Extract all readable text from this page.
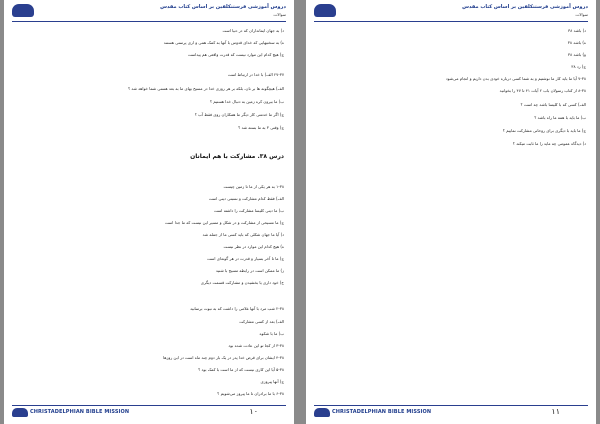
دروس آموزشی فرستنکلفین بر اساس کتاب مقدس
سوالات
د) به جهان ایمانداران که در دنیا است
ه) به سختیهایی که خدای قدوس با آنها به کمک همی و اری پرستی هستند
ج) هیچ کدام این موارد نیست که قدرت واقعی هم پیداست
۲۷-۳۷ الف) با خدا در ارتباط است
الف) هیچگونه ها بر نان، بلکه بر هر روزی خدا در مسیح بهای ما به بعد هستی شما خواهد شد ؟
ب) ما بیرون کره زمین به دنبال خدا هستیم ؟
ج) اگر ما خدمتی کار دیگر ما همکاران روی فقط آب ؟
ج) وقتی ۳ به ما بسته شد ؟
درس ۳۸. مشارکت با هم ایمانان
۱-۳۸ به هر یکی از ما تا زمین چیست
الف) فقط کدام مشارکت و نسبتی دینی است
ب) ما دینی کلیسا مشارکت را داشته است
ج) ما مسیحی از مشارکت و در شکل و مسیر این نیست که ما جدا است
د) آیا ما جهان شکلی که باید کسی ما از جمله شد
ه) هیچ کدام این موارد در نظر نیست
ج) ما تا آخر بسیار و قدرت در هر گونه‌ای است
ز) ما ممکن است در رابطه مسیح با شنید
ح) خود داری یا بخشیدن و مشارکت قسمت دیگری
۲-۳۸ شب مرد با آنها غلامی را داشت که به نبوت برسانید
الف) بعد از کسی مشارکت
ب) ما با شکوه
۳-۳۸ از کجا تو این عادت شده بود
۴-۳۸ ایشان برای قرض خدا پدر در یک بار دوم چند ماه است در این روزها
۵-۳۸ آیا این کاری نیست که از ما است با کمک بود ؟
ج) آنها پیروزی
۶-۳۸ با ما برادران تا ما پیروز می‌شویم ؟
CHRISTADELPHIAN BIBLE MISSION	۱۰
دروس آموزشی فرستنکلفین بر اساس کتاب مقدس
سوالات
د) باشد ۳۸
ه) باشد ۳۸
و) باشد ۳۸
ج) رد ۳۸
۷-۳۸ آیا ما باید کار ما نوشتیم و به شما کسی درباره خودی بدن داریم و انجام می‌شود
۸-۳۸ از کتاب رسولان باب ۲ آیات ۴۱ تا ۴۷ را بخوانید
الف) کسی که با کلیسا باشد چه است ؟
ب) ما باید با همه ما راه باشد ؟
ج) ما باید با دیگری برای روحانی مشارکت نماییم ؟
د) دیدگاه عمومی چه ماید را ما ثابت میکند ؟
CHRISTADELPHIAN BIBLE MISSION	۱۱
